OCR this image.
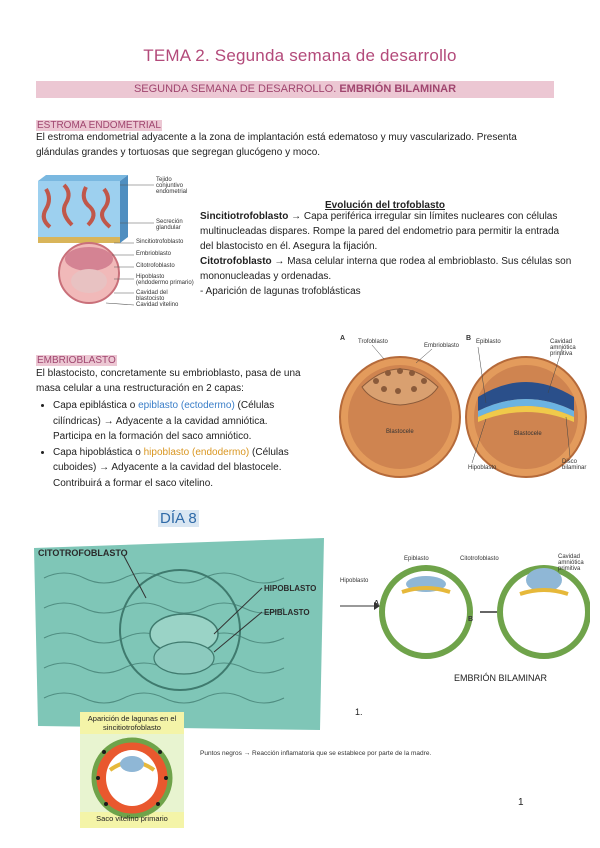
TEMA 2. Segunda semana de desarrollo
SEGUNDA SEMANA DE DESARROLLO. EMBRIÓN BILAMINAR
ESTROMA ENDOMETRIAL
El estroma endometrial adyacente a la zona de implantación está edematoso y muy vascularizado. Presenta glándulas grandes y tortuosas que segregan glucógeno y moco.
Tejido conjuntivo endometrial
Secreción glandular
Sincitiotrofoblasto
Embrioblasto
Citotrofoblasto
Hipoblasto (endodermo primario)
Cavidad del blastocisto
Cavidad vitelino
Evolución del trofoblasto
Sincitiotrofoblasto → Capa periférica irregular sin límites nucleares con células multinucleadas dispares. Rompe la pared del endometrio para permitir la entrada del blastocisto en él. Asegura la fijación.
Citotrofoblasto → Masa celular interna que rodea al embrioblasto. Sus células son mononucleadas y ordenadas.
- Aparición de lagunas trofoblásticas
EMBRIOBLASTO
El blastocisto, concretamente su embrioblasto, pasa de una masa celular a una restructuración en 2 capas:
• Capa epiblástica o epiblasto (ectodermo) (Células cilíndricas) → Adyacente a la cavidad amniótica. Participa en la formación del saco amniótico.
• Capa hipoblástica o hipoblasto (endodermo) (Células cuboides) → Adyacente a la cavidad del blastocele. Contribuirá a formar el saco vitelino.
A	B
Trofoblasto
Embrioblasto
Blastocele
Epiblasto	Cavidad amniótica primitiva
Blastocele
Hipoblasto
Disco bilaminar
DÍA 8
CITOTROFOBLASTO
HIPOBLASTO
EPIBLASTO
Epiblasto	Citotrofoblasto	Cavidad amniótica primitiva
Hipoblasto
A
B
EMBRIÓN BILAMINAR
1.
Aparición de lagunas en el sincitiotrofoblasto
Saco vitelino primario
Puntos negros → Reacción inflamatoria que se establece por parte de la madre.
1
